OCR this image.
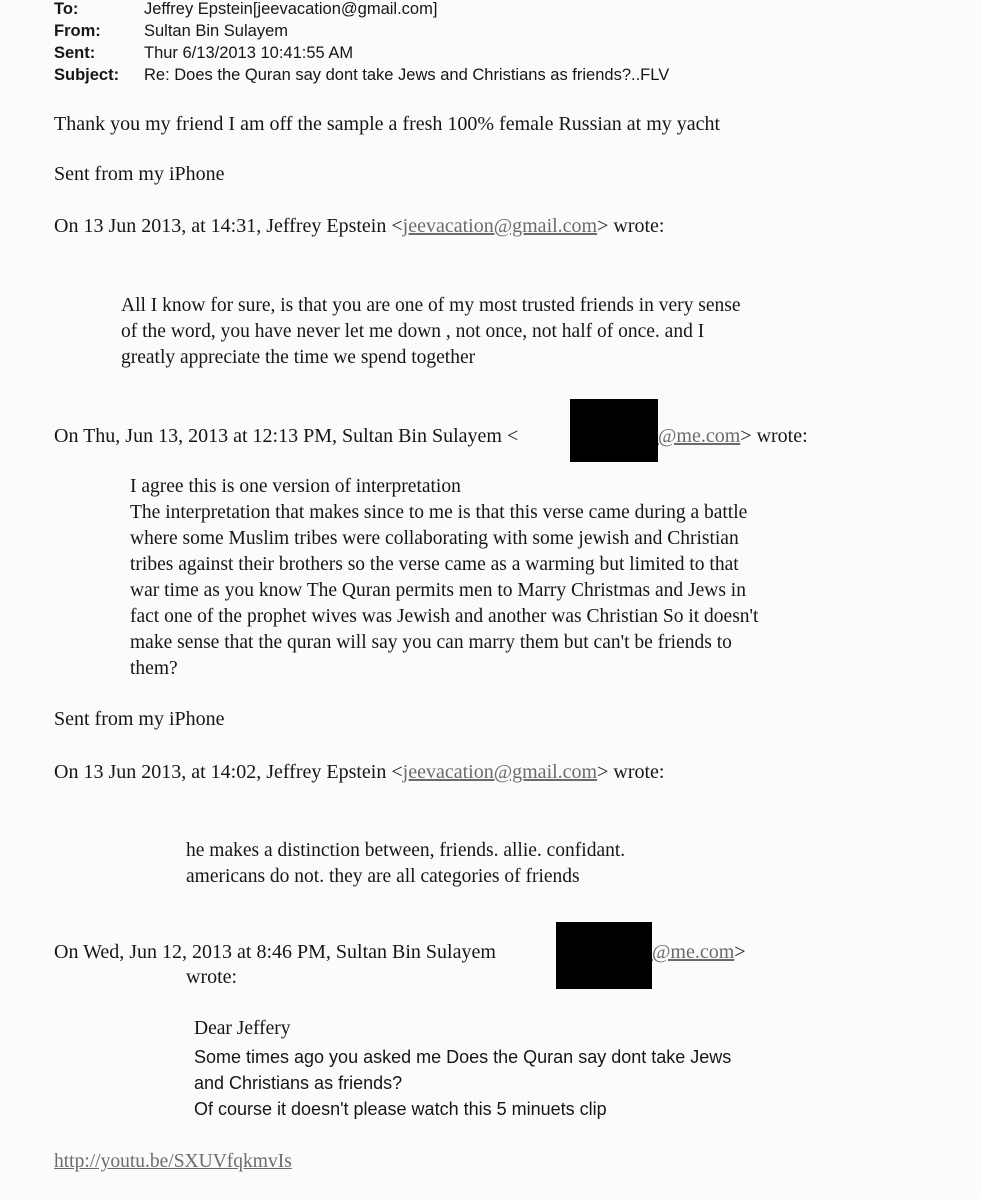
To:	Jeffrey Epstein[jeevacation@gmail.com]
From:	Sultan Bin Sulayem
Sent:	Thur 6/13/2013 10:41:55 AM
Subject: Re: Does the Quran say dont take Jews and Christians as friends?..FLV
Thank you my friend I am off the sample a fresh 100% female Russian at my yacht
Sent from my iPhone
On 13 Jun 2013, at 14:31, Jeffrey Epstein <jeevacation@gmail.com> wrote:
All I know for sure, is that you are one of my most trusted friends in very sense
of the word, you have never let me down , not once, not half of once. and I
greatly appreciate the time we spend together
On Thu, Jun 13, 2013 at 12:13 PM, Sultan Bin Sulayem <	@me.com> wrote:
I agree this is one version of interpretation
The interpretation that makes since to me is that this verse came during a battle
where some Muslim tribes were collaborating with some jewish and Christian
tribes against their brothers so the verse came as a warming but limited to that
war time as you know The Quran permits men to Marry Christmas and Jews in
fact one of the prophet wives was Jewish and another was Christian So it doesn't
make sense that the quran will say you can marry them but can't be friends to
them?
Sent from my iPhone
On 13 Jun 2013, at 14:02, Jeffrey Epstein <jeevacation@gmail.com> wrote:
he makes a distinction between, friends. allie. confidant.
americans do not. they are all categories of friends
On Wed, Jun 12, 2013 at 8:46 PM, Sultan Bin Sulayem	@me.com>
wrote:
Dear Jeffery
Some times ago you asked me Does the Quran say dont take Jews
and Christians as friends?
Of course it doesn't please watch this 5 minuets clip
http://youtu.be/SXUVfqkmvIs
